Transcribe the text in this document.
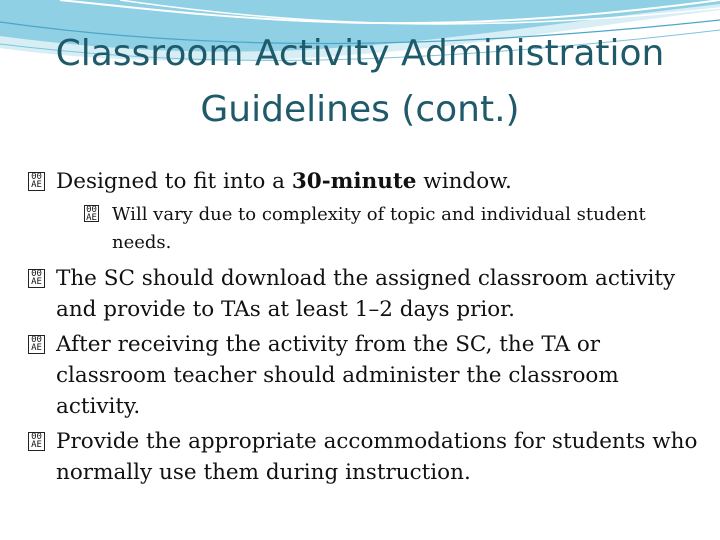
Classroom Activity Administration
Guidelines (cont.)
00
AE Designed to fit into a 30-minute window.
00
AE Will vary due to complexity of topic and individual student needs.
00
AE The SC should download the assigned classroom activity and provide to TAs at least 1–2 days prior.
00
AE After receiving the activity from the SC, the TA or classroom teacher should administer the classroom activity.
00
AE Provide the appropriate accommodations for students who normally use them during instruction.
